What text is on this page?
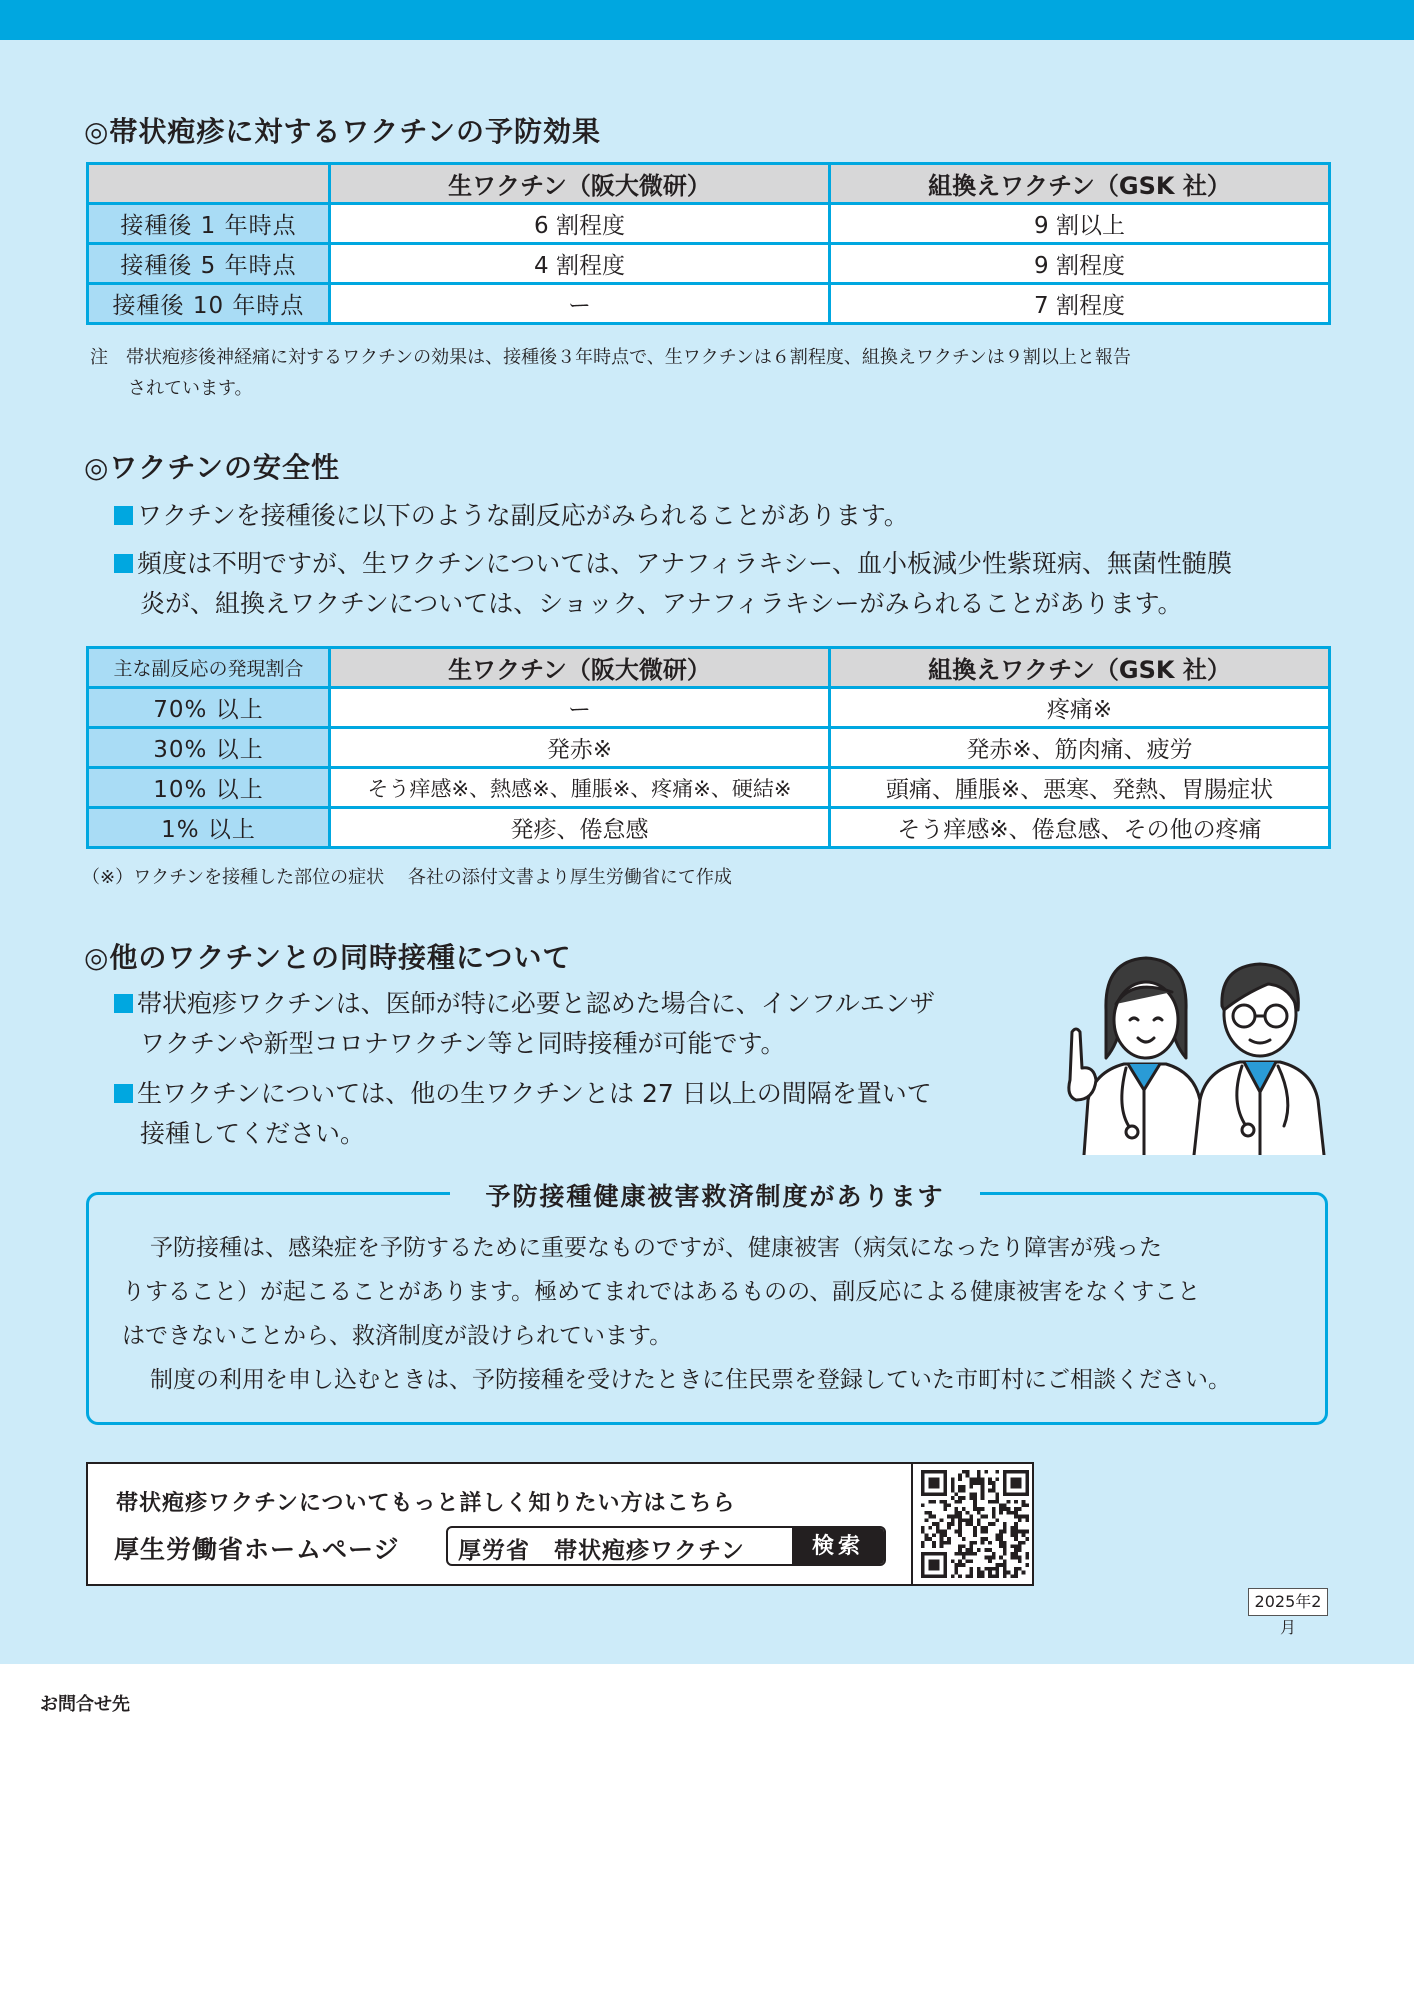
◎帯状疱疹に対するワクチンの予防効果
	生ワクチン（阪大微研）	組換えワクチン（GSK 社）
接種後 1 年時点	6 割程度	9 割以上
接種後 5 年時点	4 割程度	9 割程度
接種後 10 年時点	ー	7 割程度
注　帯状疱疹後神経痛に対するワクチンの効果は、接種後３年時点で、生ワクチンは６割程度、組換えワクチンは９割以上と報告
されています。
◎ワクチンの安全性
ワクチンを接種後に以下のような副反応がみられることがあります。
頻度は不明ですが、生ワクチンについては、アナフィラキシー、血小板減少性紫斑病、無菌性髄膜
炎が、組換えワクチンについては、ショック、アナフィラキシーがみられることがあります。
主な副反応の発現割合	生ワクチン（阪大微研）	組換えワクチン（GSK 社）
70% 以上	ー	疼痛※
30% 以上	発赤※	発赤※、筋肉痛、疲労
10% 以上	そう痒感※、熱感※、腫脹※、疼痛※、硬結※	頭痛、腫脹※、悪寒、発熱、胃腸症状
1% 以上	発疹、倦怠感	そう痒感※、倦怠感、その他の疼痛
（※）ワクチンを接種した部位の症状　 各社の添付文書より厚生労働省にて作成
◎他のワクチンとの同時接種について
帯状疱疹ワクチンは、医師が特に必要と認めた場合に、インフルエンザ
ワクチンや新型コロナワクチン等と同時接種が可能です。
生ワクチンについては、他の生ワクチンとは 27 日以上の間隔を置いて
接種してください。
予防接種健康被害救済制度があります

予防接種は、感染症を予防するために重要なものですが、健康被害（病気になったり障害が残った

りすること）が起こることがあります。極めてまれではあるものの、副反応による健康被害をなくすこと

はできないことから、救済制度が設けられています。

制度の利用を申し込むときは、予防接種を受けたときに住民票を登録していた市町村にご相談ください。

帯状疱疹ワクチンについてもっと詳しく知りたい方はこちら
厚生労働省ホームページ	厚労省　帯状疱疹ワクチン	検索
2025年2月
お問合せ先
